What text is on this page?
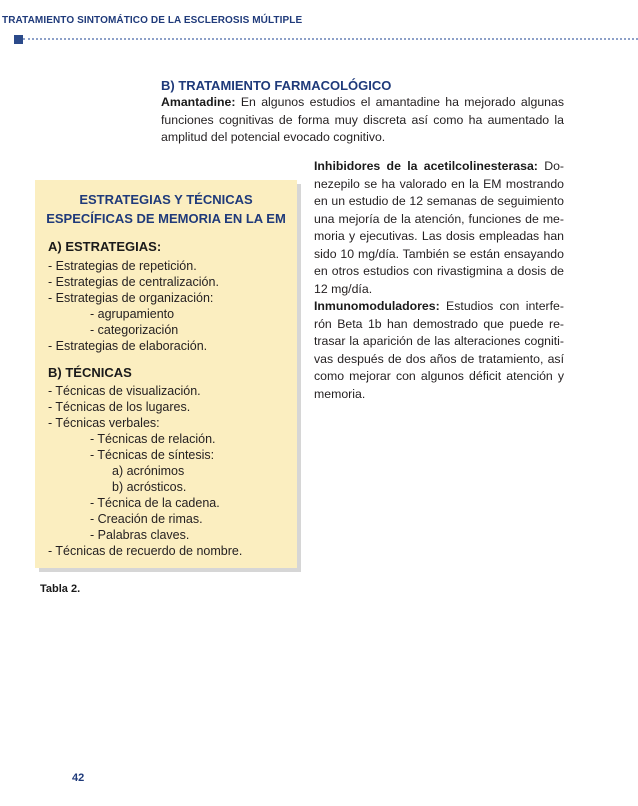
TRATAMIENTO SINTOMÁTICO DE LA ESCLEROSIS MÚLTIPLE
B) TRATAMIENTO FARMACOLÓGICO
Amantadine: En algunos estudios el amantadine ha mejorado algunas
funciones cognitivas de forma muy discreta así como ha aumentado la
amplitud del potencial evocado cognitivo.
Inhibidores de la acetilcolinesterasa: Do-
nezepilo se ha valorado en la EM mostrando
en un estudio de 12 semanas de seguimiento
una mejoría de la atención, funciones de me-
moria y ejecutivas. Las dosis empleadas han
sido 10 mg/día. También se están ensayando
en otros estudios con rivastigmina a dosis de
12 mg/día.
Inmunomoduladores: Estudios con interfe-
rón Beta 1b han demostrado que puede re-
trasar la aparición de las alteraciones cogniti-
vas después de dos años de tratamiento, así
como mejorar con algunos déficit atención y
memoria.
ESTRATEGIAS Y TÉCNICAS
ESPECÍFICAS DE MEMORIA EN LA EM
A) ESTRATEGIAS:
- Estrategias de repetición.
- Estrategias de centralización.
- Estrategias de organización:
- agrupamiento
- categorización
- Estrategias de elaboración.
B) TÉCNICAS
- Técnicas de visualización.
- Técnicas de los lugares.
- Técnicas verbales:
- Técnicas de relación.
- Técnicas de síntesis:
a) acrónimos
b) acrósticos.
- Técnica de la cadena.
- Creación de rimas.
- Palabras claves.
- Técnicas de recuerdo de nombre.
Tabla 2.
42
